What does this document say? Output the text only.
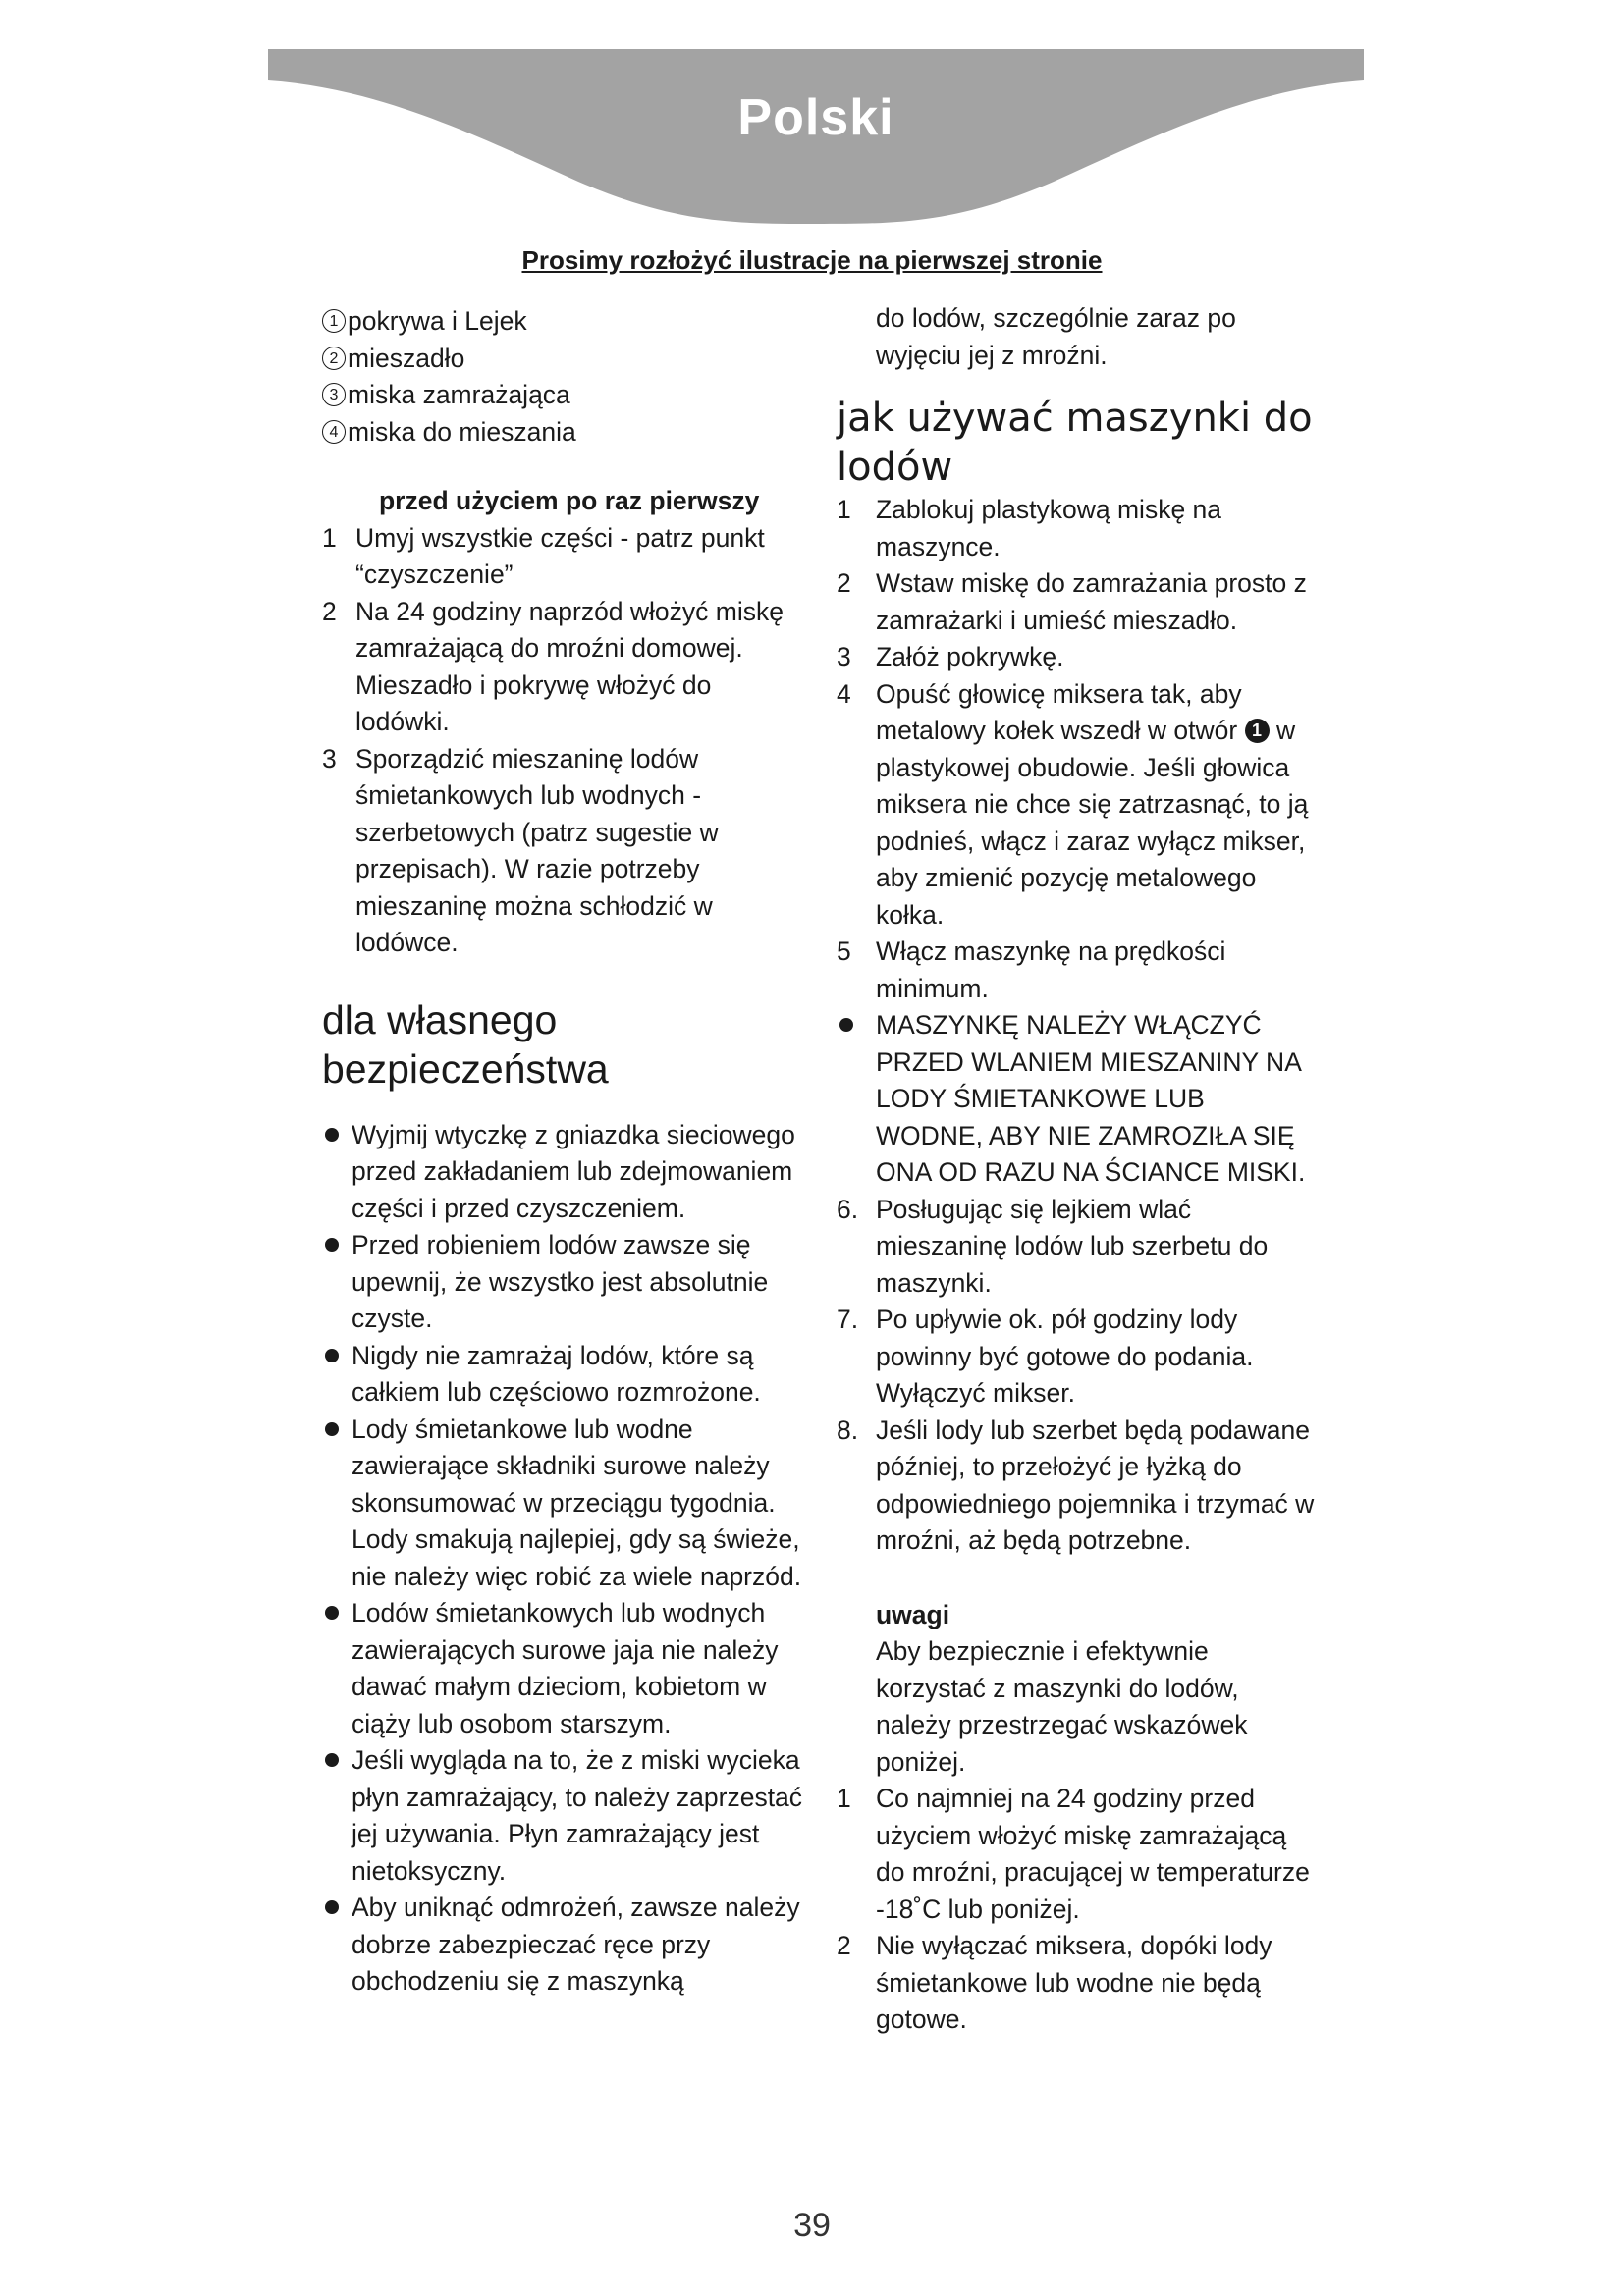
Polski
Prosimy rozłożyć ilustracje na pierwszej stronie

1 pokrywa i Lejek

2 mieszadło

3 miska zamrażająca

4 miska do mieszania

przed użyciem po raz pierwszy

1 Umyj wszystkie części - patrz punkt “czyszczenie”
2 Na 24 godziny naprzód włożyć miskę zamrażającą do mroźni domowej. Mieszadło i pokrywę włożyć do lodówki.
3 Sporządzić mieszaninę lodów śmietankowych lub wodnych - szerbetowych (patrz sugestie w przepisach). W razie potrzeby mieszaninę można schłodzić w lodówce.

dla własnego

bezpieczeństwa

Wyjmij wtyczkę z gniazdka sieciowego przed zakładaniem lub zdejmowaniem części i przed czyszczeniem.
Przed robieniem lodów zawsze się upewnij, że wszystko jest absolutnie czyste.
Nigdy nie zamrażaj lodów, które są całkiem lub częściowo rozmrożone.
Lody śmietankowe lub wodne zawierające składniki surowe należy skonsumować w przeciągu tygodnia. Lody smakują najlepiej, gdy są świeże, nie należy więc robić za wiele naprzód.
Lodów śmietankowych lub wodnych zawierających surowe jaja nie należy dawać małym dzieciom, kobietom w ciąży lub osobom starszym.
Jeśli wygląda na to, że z miski wycieka płyn zamrażający, to należy zaprzestać jej używania. Płyn zamrażający jest nietoksyczny.
Aby uniknąć odmrożeń, zawsze należy dobrze zabezpieczać ręce przy obchodzeniu się z maszynką

do lodów, szczególnie zaraz po wyjęciu jej z mroźni.

jak używać maszynki do

lodów

1 Zablokuj plastykową miskę na maszynce.
2 Wstaw miskę do zamrażania prosto z zamrażarki i umieść mieszadło.
3 Załóż pokrywkę.
4 Opuść głowicę miksera tak, aby metalowy kołek wszedł w otwór 1 w plastykowej obudowie. Jeśli głowica miksera nie chce się zatrzasnąć, to ją podnieś, włącz i zaraz wyłącz mikser, aby zmienić pozycję metalowego kołka.
5 Włącz maszynkę na prędkości minimum.
MASZYNKĘ NALEŻY WŁĄCZYĆ PRZED WLANIEM MIESZANINY NA LODY ŚMIETANKOWE LUB WODNE, ABY NIE ZAMROZIŁA SIĘ ONA OD RAZU NA ŚCIANCE MISKI.
6. Posługując się lejkiem wlać mieszaninę lodów lub szerbetu do maszynki.
7. Po upływie ok. pół godziny lody powinny być gotowe do podania. Wyłączyć mikser.
8. Jeśli lody lub szerbet będą podawane później, to przełożyć je łyżką do odpowiedniego pojemnika i trzymać w mroźni, aż będą potrzebne.

uwagi

Aby bezpiecznie i efektywnie korzystać z maszynki do lodów, należy przestrzegać wskazówek poniżej.

1 Co najmniej na 24 godziny przed użyciem włożyć miskę zamrażającą do mroźni, pracującej w temperaturze -18˚C lub poniżej.
2 Nie wyłączać miksera, dopóki lody śmietankowe lub wodne nie będą gotowe.
39
